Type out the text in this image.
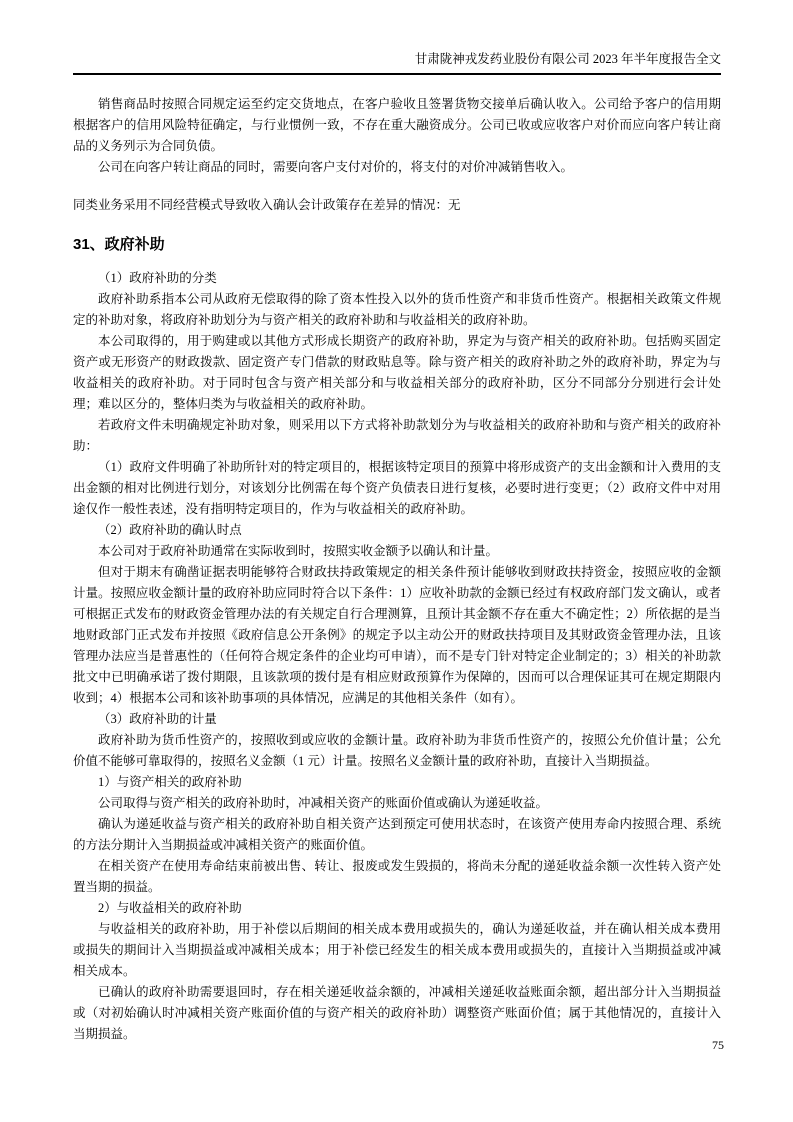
甘肃陇神戎发药业股份有限公司 2023 年半年度报告全文
销售商品时按照合同规定运至约定交货地点，在客户验收且签署货物交接单后确认收入。公司给予客户的信用期根据客户的信用风险特征确定，与行业惯例一致，不存在重大融资成分。公司已收或应收客户对价而应向客户转让商品的义务列示为合同负债。
公司在向客户转让商品的同时，需要向客户支付对价的，将支付的对价冲减销售收入。
同类业务采用不同经营模式导致收入确认会计政策存在差异的情况：无
31、政府补助
（1）政府补助的分类
政府补助系指本公司从政府无偿取得的除了资本性投入以外的货币性资产和非货币性资产。根据相关政策文件规定的补助对象，将政府补助划分为与资产相关的政府补助和与收益相关的政府补助。
本公司取得的，用于购建或以其他方式形成长期资产的政府补助，界定为与资产相关的政府补助。包括购买固定资产或无形资产的财政拨款、固定资产专门借款的财政贴息等。除与资产相关的政府补助之外的政府补助，界定为与收益相关的政府补助。对于同时包含与资产相关部分和与收益相关部分的政府补助，区分不同部分分别进行会计处理；难以区分的，整体归类为与收益相关的政府补助。
若政府文件未明确规定补助对象，则采用以下方式将补助款划分为与收益相关的政府补助和与资产相关的政府补助：
（1）政府文件明确了补助所针对的特定项目的，根据该特定项目的预算中将形成资产的支出金额和计入费用的支出金额的相对比例进行划分，对该划分比例需在每个资产负债表日进行复核，必要时进行变更；（2）政府文件中对用途仅作一般性表述，没有指明特定项目的，作为与收益相关的政府补助。
（2）政府补助的确认时点
本公司对于政府补助通常在实际收到时，按照实收金额予以确认和计量。
但对于期末有确凿证据表明能够符合财政扶持政策规定的相关条件预计能够收到财政扶持资金，按照应收的金额计量。按照应收金额计量的政府补助应同时符合以下条件：1）应收补助款的金额已经过有权政府部门发文确认，或者可根据正式发布的财政资金管理办法的有关规定自行合理测算，且预计其金额不存在重大不确定性；2）所依据的是当地财政部门正式发布并按照《政府信息公开条例》的规定予以主动公开的财政扶持项目及其财政资金管理办法，且该管理办法应当是普惠性的（任何符合规定条件的企业均可申请），而不是专门针对特定企业制定的；3）相关的补助款批文中已明确承诺了拨付期限，且该款项的拨付是有相应财政预算作为保障的，因而可以合理保证其可在规定期限内收到；4）根据本公司和该补助事项的具体情况，应满足的其他相关条件（如有）。
（3）政府补助的计量
政府补助为货币性资产的，按照收到或应收的金额计量。政府补助为非货币性资产的，按照公允价值计量；公允价值不能够可靠取得的，按照名义金额（1 元）计量。按照名义金额计量的政府补助，直接计入当期损益。
1）与资产相关的政府补助
公司取得与资产相关的政府补助时，冲减相关资产的账面价值或确认为递延收益。
确认为递延收益与资产相关的政府补助自相关资产达到预定可使用状态时，在该资产使用寿命内按照合理、系统的方法分期计入当期损益或冲减相关资产的账面价值。
在相关资产在使用寿命结束前被出售、转让、报废或发生毁损的，将尚未分配的递延收益余额一次性转入资产处置当期的损益。
2）与收益相关的政府补助
与收益相关的政府补助，用于补偿以后期间的相关成本费用或损失的，确认为递延收益，并在确认相关成本费用或损失的期间计入当期损益或冲减相关成本；用于补偿已经发生的相关成本费用或损失的，直接计入当期损益或冲减相关成本。
已确认的政府补助需要退回时，存在相关递延收益余额的，冲减相关递延收益账面余额，超出部分计入当期损益或（对初始确认时冲减相关资产账面价值的与资产相关的政府补助）调整资产账面价值；属于其他情况的，直接计入当期损益。
75
